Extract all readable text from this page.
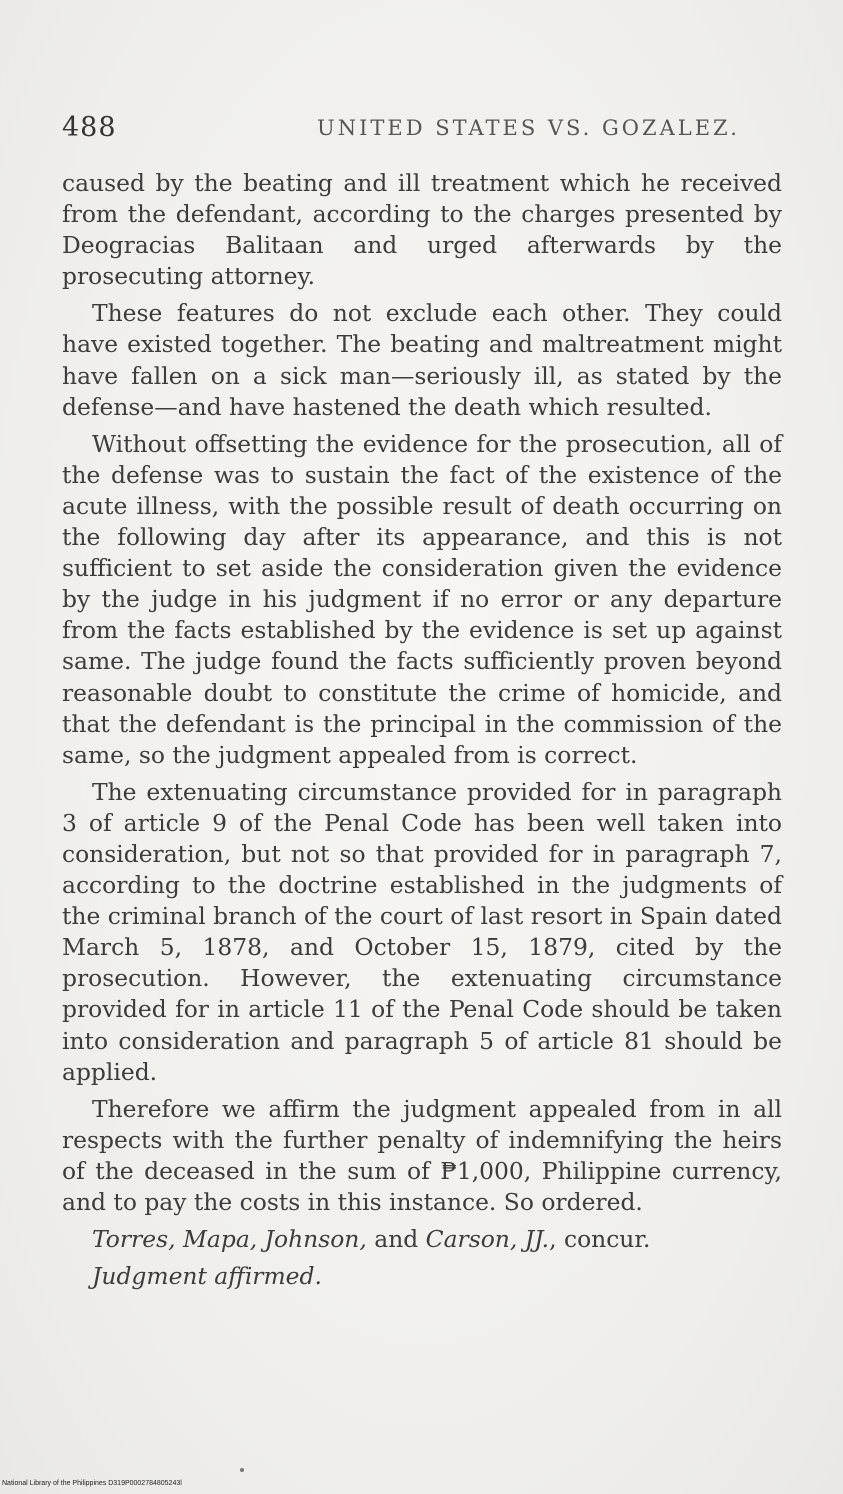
488	UNITED STATES VS. GOZALEZ.

caused by the beating and ill treatment which he received from the defendant, according to the charges presented by Deogracias Balitaan and urged afterwards by the prosecuting attorney.

These features do not exclude each other. They could have existed together. The beating and maltreatment might have fallen on a sick man—seriously ill, as stated by the defense—and have hastened the death which resulted.

Without offsetting the evidence for the prosecution, all of the defense was to sustain the fact of the existence of the acute illness, with the possible result of death occurring on the following day after its appearance, and this is not sufficient to set aside the consideration given the evidence by the judge in his judgment if no error or any departure from the facts established by the evidence is set up against same. The judge found the facts sufficiently proven beyond reasonable doubt to constitute the crime of homicide, and that the defendant is the principal in the commission of the same, so the judgment appealed from is correct.

The extenuating circumstance provided for in paragraph 3 of article 9 of the Penal Code has been well taken into consideration, but not so that provided for in paragraph 7, according to the doctrine established in the judgments of the criminal branch of the court of last resort in Spain dated March 5, 1878, and October 15, 1879, cited by the prosecution. However, the extenuating circumstance provided for in article 11 of the Penal Code should be taken into consideration and paragraph 5 of article 81 should be applied.

Therefore we affirm the judgment appealed from in all respects with the further penalty of indemnifying the heirs of the deceased in the sum of ₱1,000, Philippine currency, and to pay the costs in this instance. So ordered.

Torres, Mapa, Johnson, and Carson, JJ., concur.

Judgment affirmed.

National Library of the Philippines D319P0002784805243l
